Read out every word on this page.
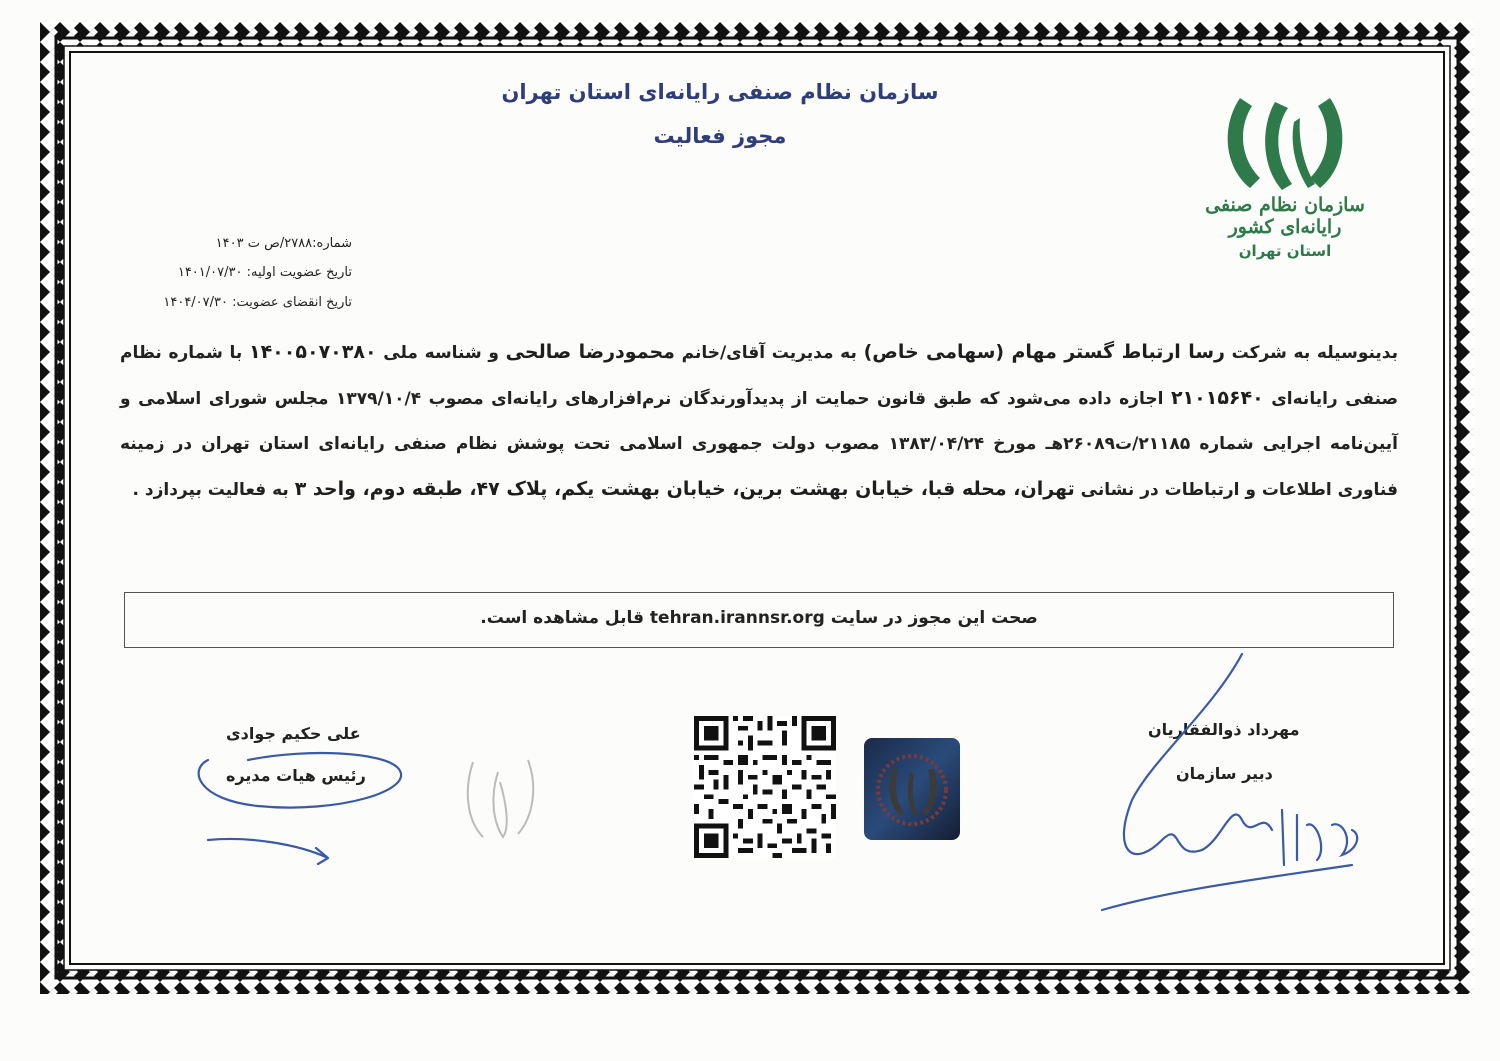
سازمان نظام صنفی رایانه‌ای کشور
استان تهران
سازمان نظام صنفی رایانه‌ای استان تهران
مجوز فعالیت
شماره:۲۷۸۸/ص ت ۱۴۰۳
تاریخ عضویت اولیه: ۱۴۰۱/۰۷/۳۰
تاریخ انقضای عضویت: ۱۴۰۴/۰۷/۳۰
بدینوسیله به شرکت رسا ارتباط گستر مهام (سهامی خاص) به مدیریت آقای/خانم محمودرضا صالحی و شناسه ملی ۱۴۰۰۵۰۷۰۳۸۰ با شماره نظام صنفی رایانه‌ای ۲۱۰۱۵۶۴۰ اجازه داده می‌شود که طبق قانون حمایت از پدیدآورندگان نرم‌افزارهای رایانه‌ای مصوب ۱۳۷۹/۱۰/۴ مجلس شورای اسلامی و آیین‌نامه اجرایی شماره ۲۱۱۸۵/ت۲۶۰۸۹هـ مورخ ۱۳۸۳/۰۴/۲۴ مصوب دولت جمهوری اسلامی تحت پوشش نظام صنفی رایانه‌ای استان تهران در زمینه فناوری اطلاعات و ارتباطات در نشانی تهران، محله قبا، خیابان بهشت برین، خیابان بهشت یکم، پلاک ۴۷، طبقه دوم، واحد ۳ به فعالیت بپردازد .
صحت این مجوز در سایت tehran.irannsr.org قابل مشاهده است.
مهرداد ذوالفقاریان
دبیر سازمان
علی حکیم جوادی
رئیس هیات مدیره
